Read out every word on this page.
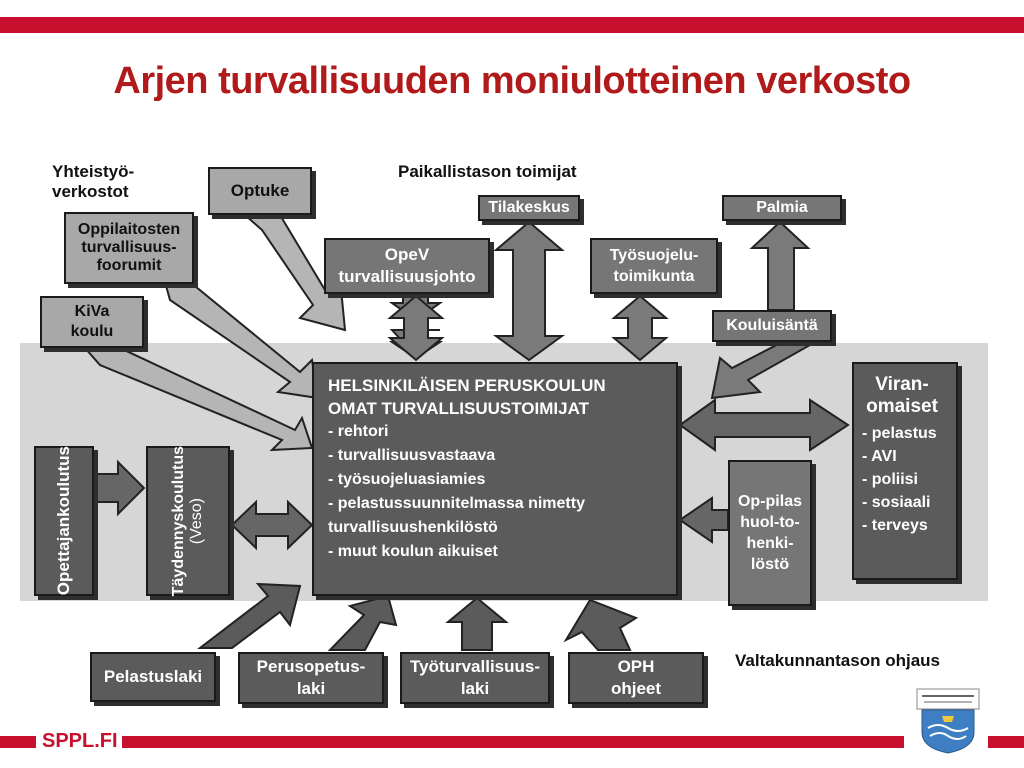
Arjen turvallisuuden moniulotteinen verkosto
Yhteistyö-verkostot
Paikallistason toimijat
Valtakunnantason ohjaus
Optuke
Oppilaitosten turvallisuus-foorumit
KiVa koulu
OpeV turvallisuusjohto
Tilakeskus
Työsuojelu-toimikunta
Palmia
Kouluisäntä
HELSINKILÄISEN PERUSKOULUN OMAT TURVALLISUUSTOIMIJAT
- rehtori
- turvallisuusvastaava
- työsuojeluasiamies
- pelastussuunnitelmassa nimetty turvallisuushenkilöstö
- muut koulun aikuiset
Viran-omaiset
- pelastus
- AVI
- poliisi
- sosiaali
- terveys
Op-pilas huol-to-henki-löstö
Opettajankoulutus	Täydennyskoulutus (Veso)
Pelastuslaki
Perusopetus-laki
Työturvallisuus-laki
OPH ohjeet
SPPL.FI
